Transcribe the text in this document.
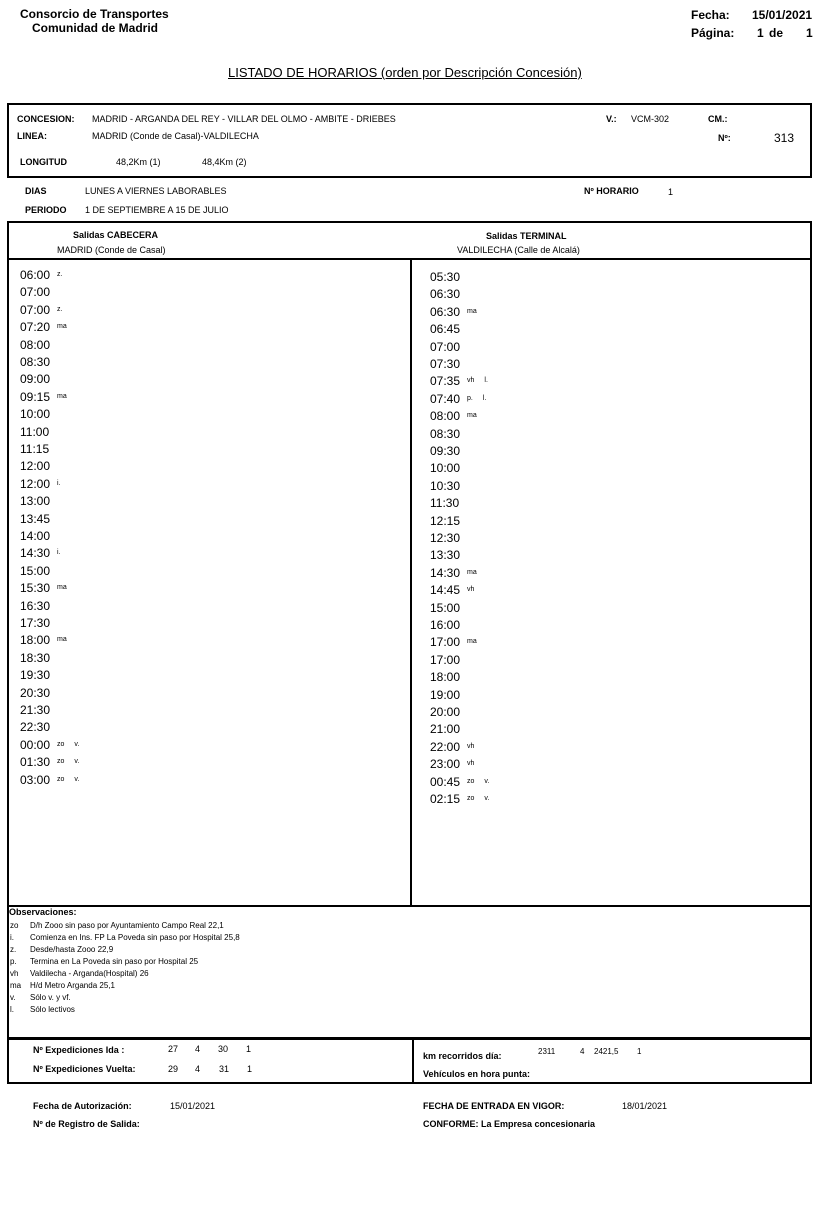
Consorcio de Transportes
Comunidad de Madrid
Fecha: 15/01/2021
Página: 1 de 1
LISTADO DE HORARIOS (orden por Descripción Concesión)
CONCESION: MADRID - ARGANDA DEL REY - VILLAR DEL OLMO - AMBITE - DRIEBES	V.: VCM-302	CM.:
LINEA:	MADRID (Conde de Casal)-VALDILECHA	Nº:	313
LONGITUD	48,2Km (1)	48,4Km (2)
DIAS	LUNES A VIERNES LABORABLES	Nº HORARIO	1
PERIODO 1 DE SEPTIEMBRE A 15 DE JULIO
Salidas CABECERA
MADRID (Conde de Casal)
Salidas TERMINAL
VALDILECHA (Calle de Alcalá)
06:00 $^{z.}$
07:00
07:00 $^{z.}$
07:20 $^{ma}$
08:00
08:30
09:00
09:15 $^{ma}$
10:00
11:00
11:15
12:00
12:00 $^{i.}$
13:00
13:45
14:00
14:30 $^{i.}$
15:00
15:30 $^{ma}$
16:30
17:30
18:00 $^{ma}$
18:30
19:30
20:30
21:30
22:30
00:00 $^{zo}$ $^{v.}$
01:30 $^{zo}$ $^{v.}$
03:00 $^{zo}$ $^{v.}$
05:30
06:30
06:30 $^{ma}$
06:45
07:00
07:30
07:35 $^{vh}$ $^{l.}$
07:40 $^{p.}$ $^{l.}$
08:00 $^{ma}$
08:30
09:30
10:00
10:30
11:30
12:15
12:30
13:30
14:30 $^{ma}$
14:45 $^{vh}$
15:00
16:00
17:00 $^{ma}$
17:00
18:00
19:00
20:00
21:00
22:00 $^{vh}$
23:00 $^{vh}$
00:45 $^{zo}$ $^{v.}$
02:15 $^{zo}$ $^{v.}$
Observaciones:
zo D/h Zooo sin paso por Ayuntamiento Campo Real 22,1
i. Comienza en Ins. FP La Poveda sin paso por Hospital 25,8
z. Desde/hasta Zooo 22,9
p. Termina en La Poveda sin paso por Hospital 25
vh Valdilecha - Arganda(Hospital) 26
ma H/d Metro Arganda 25,1
v. Sólo v. y vf.
l. Sólo lectivos
Nº Expediciones Ida :	27 4 30 1
Nº Expediciones Vuelta:	29 4 31 1
km recorridos día:	2311	4 2421,5 1
Vehículos en hora punta:
Fecha de Autorización:	15/01/2021
Nº de Registro de Salida:
FECHA DE ENTRADA EN VIGOR:	18/01/2021
CONFORME: La Empresa concesionaria
